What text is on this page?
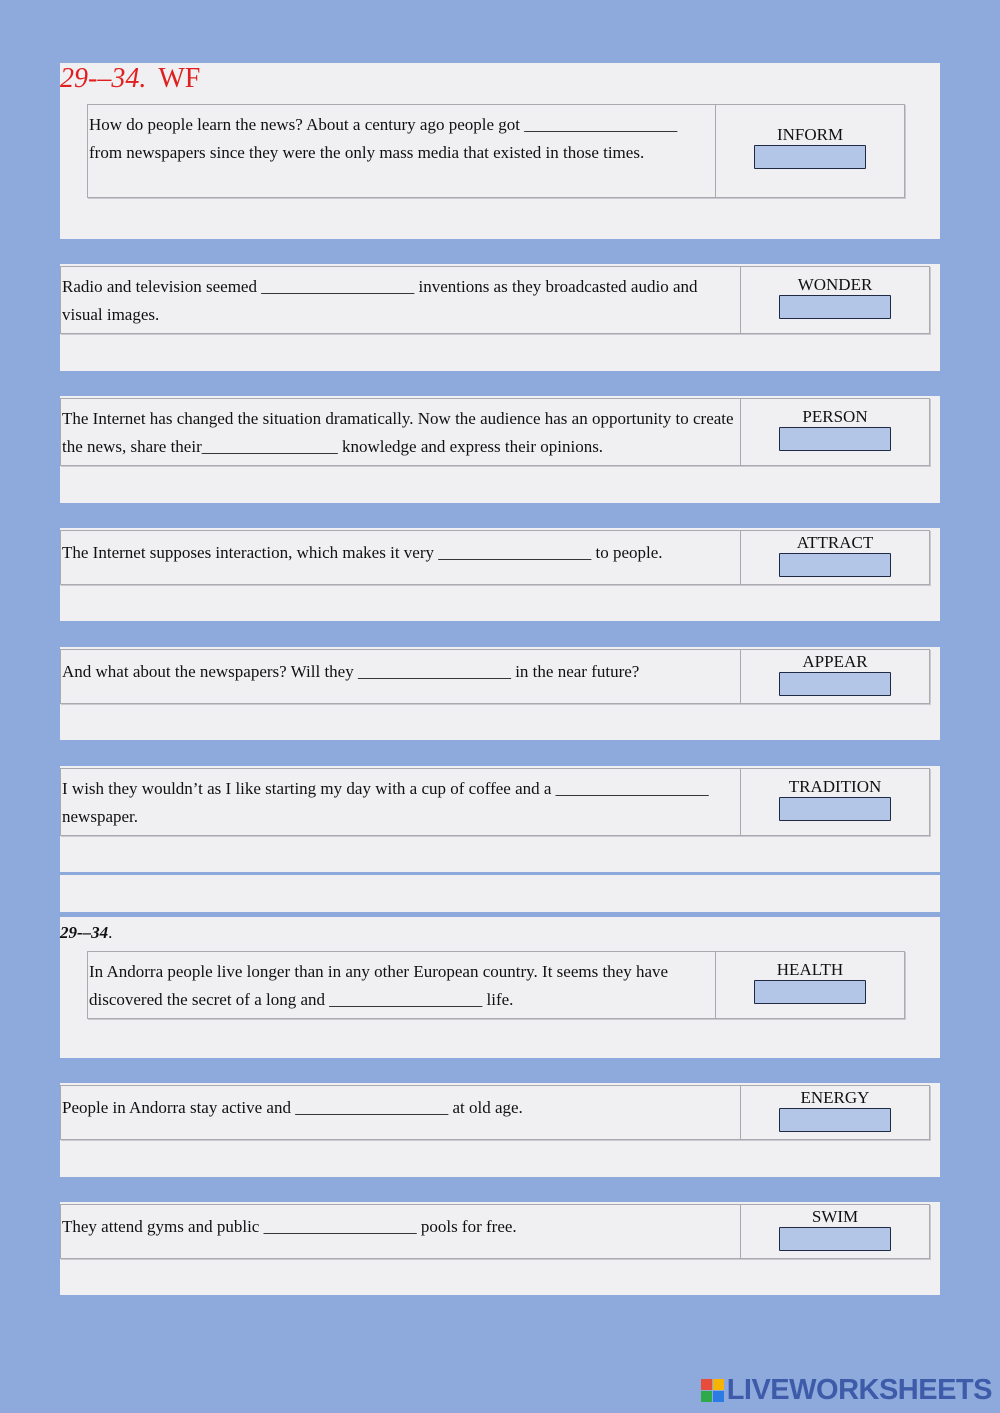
29-–34. WF
How do people learn the news? About a century ago people got __________________ from newspapers since they were the only mass media that existed in those times.
INFORM
Radio and television seemed __________________ inventions as they broadcasted audio and visual images.
WONDER
The Internet has changed the situation dramatically. Now the audience has an opportunity to create the news, share their________________ knowledge and express their opinions.
PERSON
The Internet supposes interaction, which makes it very __________________ to people.
ATTRACT
And what about the newspapers? Will they __________________ in the near future?
APPEAR
I wish they wouldn’t as I like starting my day with a cup of coffee and a __________________ newspaper.
TRADITION
29-–34.
In Andorra people live longer than in any other European country. It seems they have discovered the secret of a long and __________________ life.
HEALTH
People in Andorra stay active and __________________ at old age.
ENERGY
They attend gyms and public __________________ pools for free.
SWIM
LIVEWORKSHEETS
